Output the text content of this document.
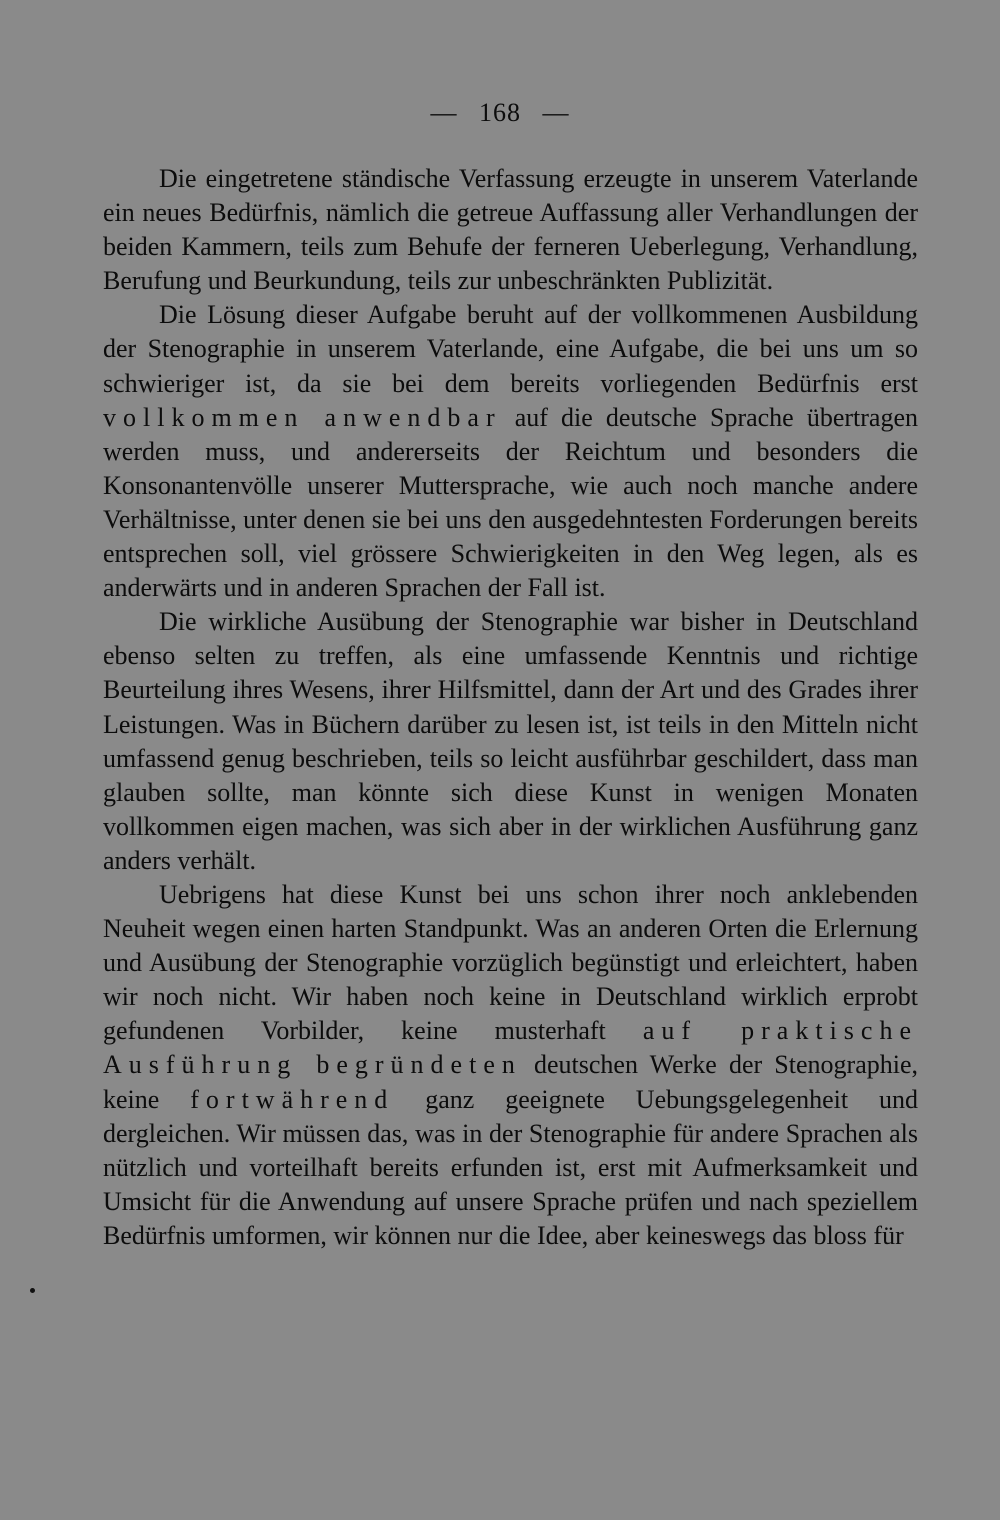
— 168 —

Die eingetretene ständische Verfassung erzeugte in unserem Vaterlande ein neues Bedürfnis, nämlich die getreue Auffassung aller Verhandlungen der beiden Kammern, teils zum Behufe der ferneren Ueberlegung, Verhandlung, Berufung und Beurkundung, teils zur unbeschränkten Publizität.

Die Lösung dieser Aufgabe beruht auf der vollkommenen Ausbildung der Stenographie in unserem Vaterlande, eine Aufgabe, die bei uns um so schwieriger ist, da sie bei dem bereits vorliegenden Bedürfnis erst vollkommen anwendbar auf die deutsche Sprache übertragen werden muss, und andererseits der Reichtum und besonders die Konsonantenvölle unserer Muttersprache, wie auch noch manche andere Verhältnisse, unter denen sie bei uns den ausgedehntesten Forderungen bereits entsprechen soll, viel grössere Schwierigkeiten in den Weg legen, als es anderwärts und in anderen Sprachen der Fall ist.

Die wirkliche Ausübung der Stenographie war bisher in Deutschland ebenso selten zu treffen, als eine umfassende Kenntnis und richtige Beurteilung ihres Wesens, ihrer Hilfsmittel, dann der Art und des Grades ihrer Leistungen. Was in Büchern darüber zu lesen ist, ist teils in den Mitteln nicht umfassend genug beschrieben, teils so leicht ausführbar geschildert, dass man glauben sollte, man könnte sich diese Kunst in wenigen Monaten vollkommen eigen machen, was sich aber in der wirklichen Ausführung ganz anders verhält.

Uebrigens hat diese Kunst bei uns schon ihrer noch anklebenden Neuheit wegen einen harten Standpunkt. Was an anderen Orten die Erlernung und Ausübung der Stenographie vorzüglich begünstigt und erleichtert, haben wir noch nicht. Wir haben noch keine in Deutschland wirklich erprobt gefundenen Vorbilder, keine musterhaft auf praktische Ausführung begründeten deutschen Werke der Stenographie, keine fortwährend ganz geeignete Uebungsgelegenheit und dergleichen. Wir müssen das, was in der Stenographie für andere Sprachen als nützlich und vorteilhaft bereits erfunden ist, erst mit Aufmerksamkeit und Umsicht für die Anwendung auf unsere Sprache prüfen und nach speziellem Bedürfnis umformen, wir können nur die Idee, aber keineswegs das bloss für
